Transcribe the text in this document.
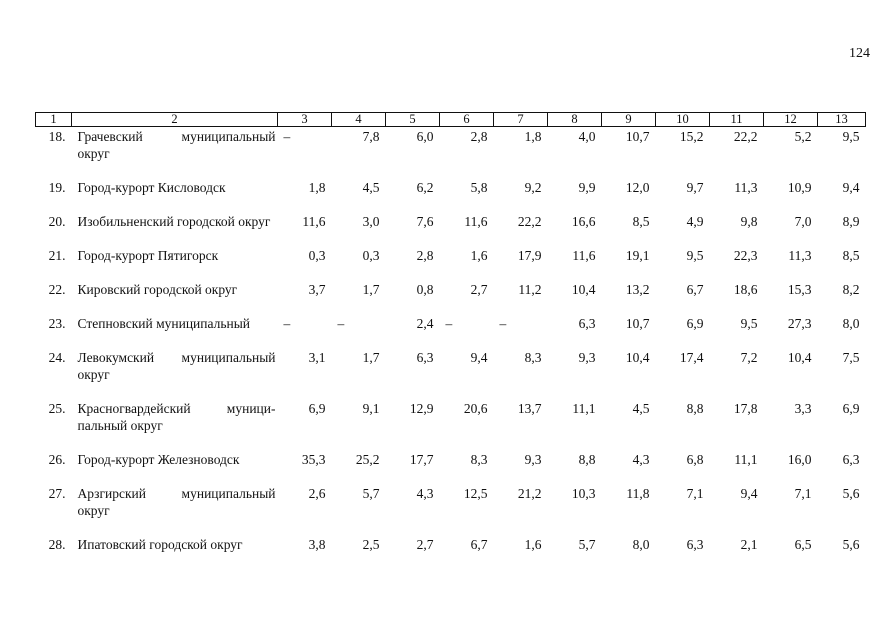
124
1	2	3	4	5	6	7	8	9	10	11	12	13
18.	Грачевский муниципальный округ	–	7,8	6,0	2,8	1,8	4,0	10,7	15,2	22,2	5,2	9,5
19.	Город-курорт Кисловодск	1,8	4,5	6,2	5,8	9,2	9,9	12,0	9,7	11,3	10,9	9,4
20.	Изобильненский городской округ	11,6	3,0	7,6	11,6	22,2	16,6	8,5	4,9	9,8	7,0	8,9
21.	Город-курорт Пятигорск	0,3	0,3	2,8	1,6	17,9	11,6	19,1	9,5	22,3	11,3	8,5
22.	Кировский городской округ	3,7	1,7	0,8	2,7	11,2	10,4	13,2	6,7	18,6	15,3	8,2
23.	Степновский муниципальный	–	–	2,4	–	–	6,3	10,7	6,9	9,5	27,3	8,0
24.	Левокумский муниципальный округ	3,1	1,7	6,3	9,4	8,3	9,3	10,4	17,4	7,2	10,4	7,5
25.	Красногвардейский муници-пальный округ	6,9	9,1	12,9	20,6	13,7	11,1	4,5	8,8	17,8	3,3	6,9
26.	Город-курорт Железноводск	35,3	25,2	17,7	8,3	9,3	8,8	4,3	6,8	11,1	16,0	6,3
27.	Арзгирский муниципальный округ	2,6	5,7	4,3	12,5	21,2	10,3	11,8	7,1	9,4	7,1	5,6
28.	Ипатовский городской округ	3,8	2,5	2,7	6,7	1,6	5,7	8,0	6,3	2,1	6,5	5,6
